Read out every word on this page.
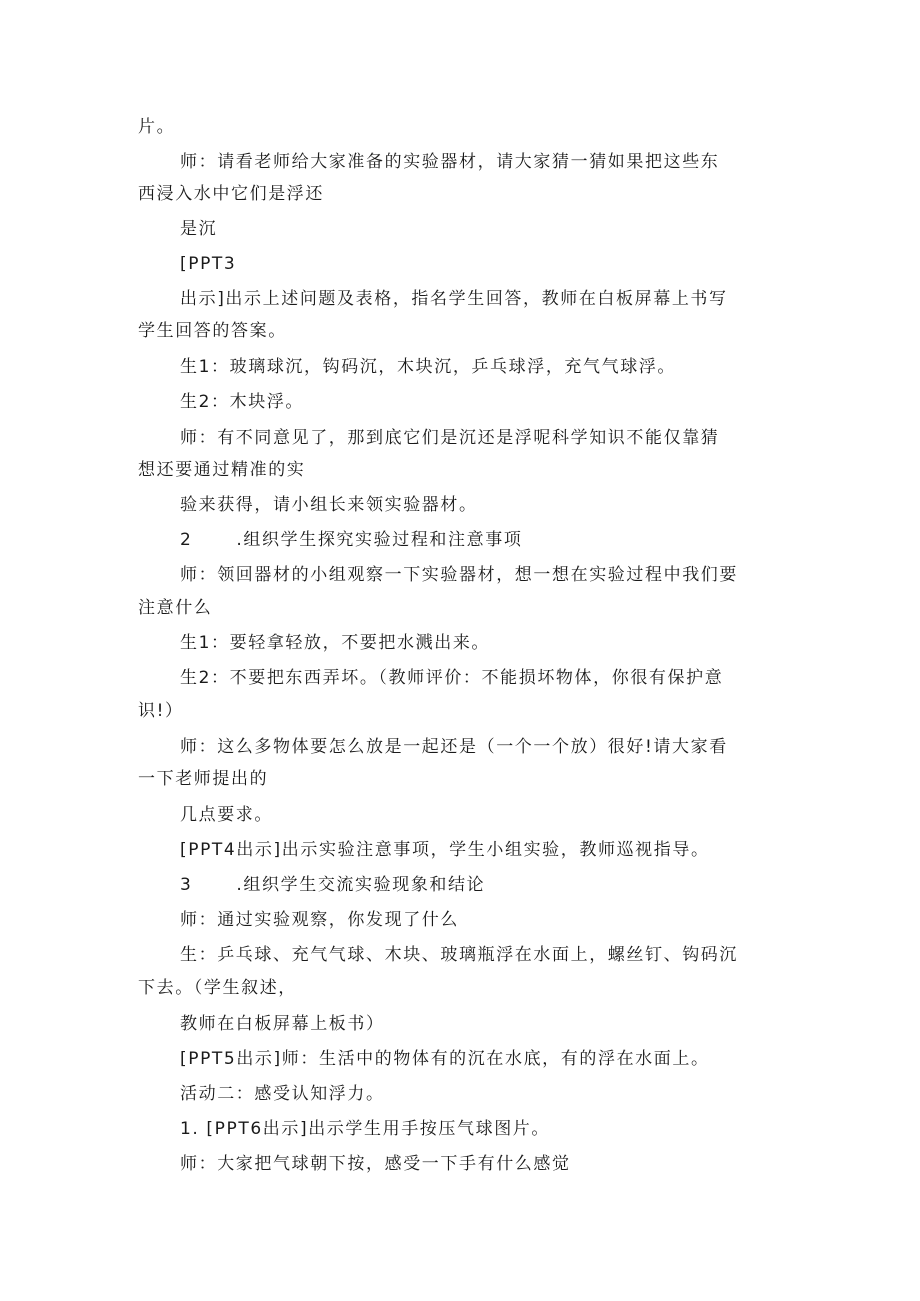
片。
师：请看老师给大家准备的实验器材，请大家猜一猜如果把这些东
西浸入水中它们是浮还
是沉
[PPT3
出示]出示上述问题及表格，指名学生回答，教师在白板屏幕上书写
学生回答的答案。
生1：玻璃球沉，钩码沉，木块沉，乒乓球浮，充气气球浮。
生2：木块浮。
师：有不同意见了，那到底它们是沉还是浮呢科学知识不能仅靠猜
想还要通过精准的实
验来获得，请小组长来领实验器材。
2	.组织学生探究实验过程和注意事项
师：领回器材的小组观察一下实验器材，想一想在实验过程中我们要
注意什么
生1：要轻拿轻放，不要把水溅出来。
生2：不要把东西弄坏。（教师评价：不能损坏物体，你很有保护意
识!）
师：这么多物体要怎么放是一起还是（一个一个放）很好!请大家看
一下老师提出的
几点要求。
[PPT4出示]出示实验注意事项，学生小组实验，教师巡视指导。
3	.组织学生交流实验现象和结论
师：通过实验观察，你发现了什么
生：乒乓球、充气气球、木块、玻璃瓶浮在水面上，螺丝钉、钩码沉
下去。（学生叙述，
教师在白板屏幕上板书）
[PPT5出示]师：生活中的物体有的沉在水底，有的浮在水面上。
活动二：感受认知浮力。
1. [PPT6出示]出示学生用手按压气球图片。
师：大家把气球朝下按，感受一下手有什么感觉
